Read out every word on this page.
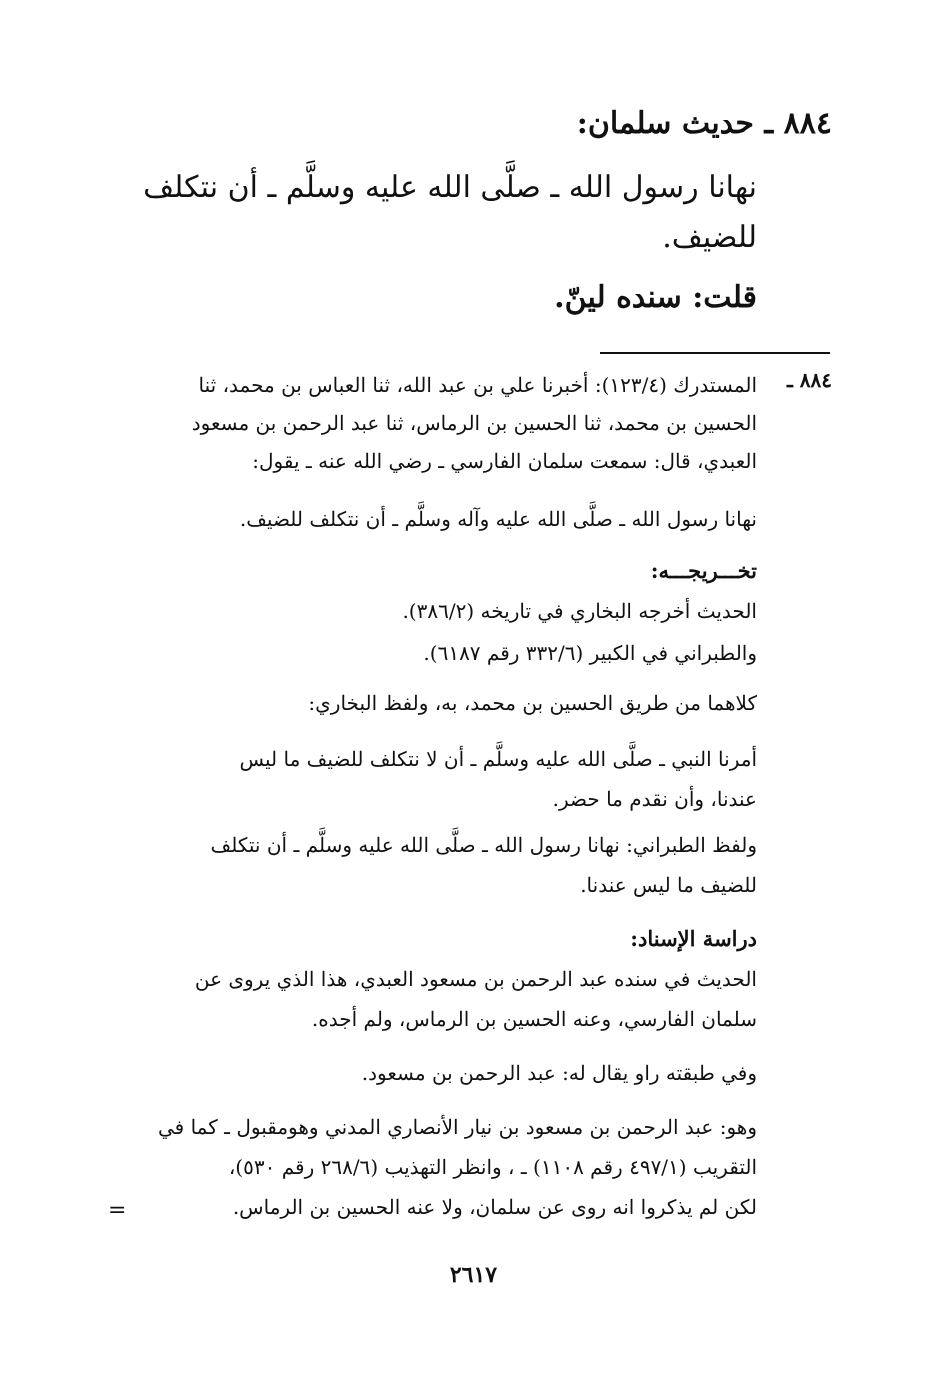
٨٨٤ ـ حديث سلمان:
نهانا رسول الله ـ صلَّى الله عليه وسلَّم ـ أن نتكلف
للضيف.
قلت: سنده لينّ.
٨٨٤ ـ
المستدرك (١٢٣/٤): أخبرنا علي بن عبد الله، ثنا العباس بن محمد، ثنا
الحسين بن محمد، ثنا الحسين بن الرماس، ثنا عبد الرحمن بن مسعود
العبدي، قال: سمعت سلمان الفارسي ـ رضي الله عنه ـ يقول:
نهانا رسول الله ـ صلَّى الله عليه وآله وسلَّم ـ أن نتكلف للضيف.
تخـــريجـــه:
الحديث أخرجه البخاري في تاريخه (٣٨٦/٢).
والطبراني في الكبير (٣٣٢/٦ رقم ٦١٨٧).
كلاهما من طريق الحسين بن محمد، به، ولفظ البخاري:
أمرنا النبي ـ صلَّى الله عليه وسلَّم ـ أن لا نتكلف للضيف ما ليس
عندنا، وأن نقدم ما حضر.
ولفظ الطبراني: نهانا رسول الله ـ صلَّى الله عليه وسلَّم ـ أن نتكلف
للضيف ما ليس عندنا.
دراسة الإسناد:
الحديث في سنده عبد الرحمن بن مسعود العبدي، هذا الذي يروى عن
سلمان الفارسي، وعنه الحسين بن الرماس، ولم أجده.
وفي طبقته راو يقال له: عبد الرحمن بن مسعود.
وهو: عبد الرحمن بن مسعود بن نيار الأنصاري المدني وهومقبول ـ كما في
التقريب (٤٩٧/١ رقم ١١٠٨) ـ ، وانظر التهذيب (٢٦٨/٦ رقم ٥٣٠)،
لكن لم يذكروا انه روى عن سلمان، ولا عنه الحسين بن الرماس.
=
٢٦١٧
